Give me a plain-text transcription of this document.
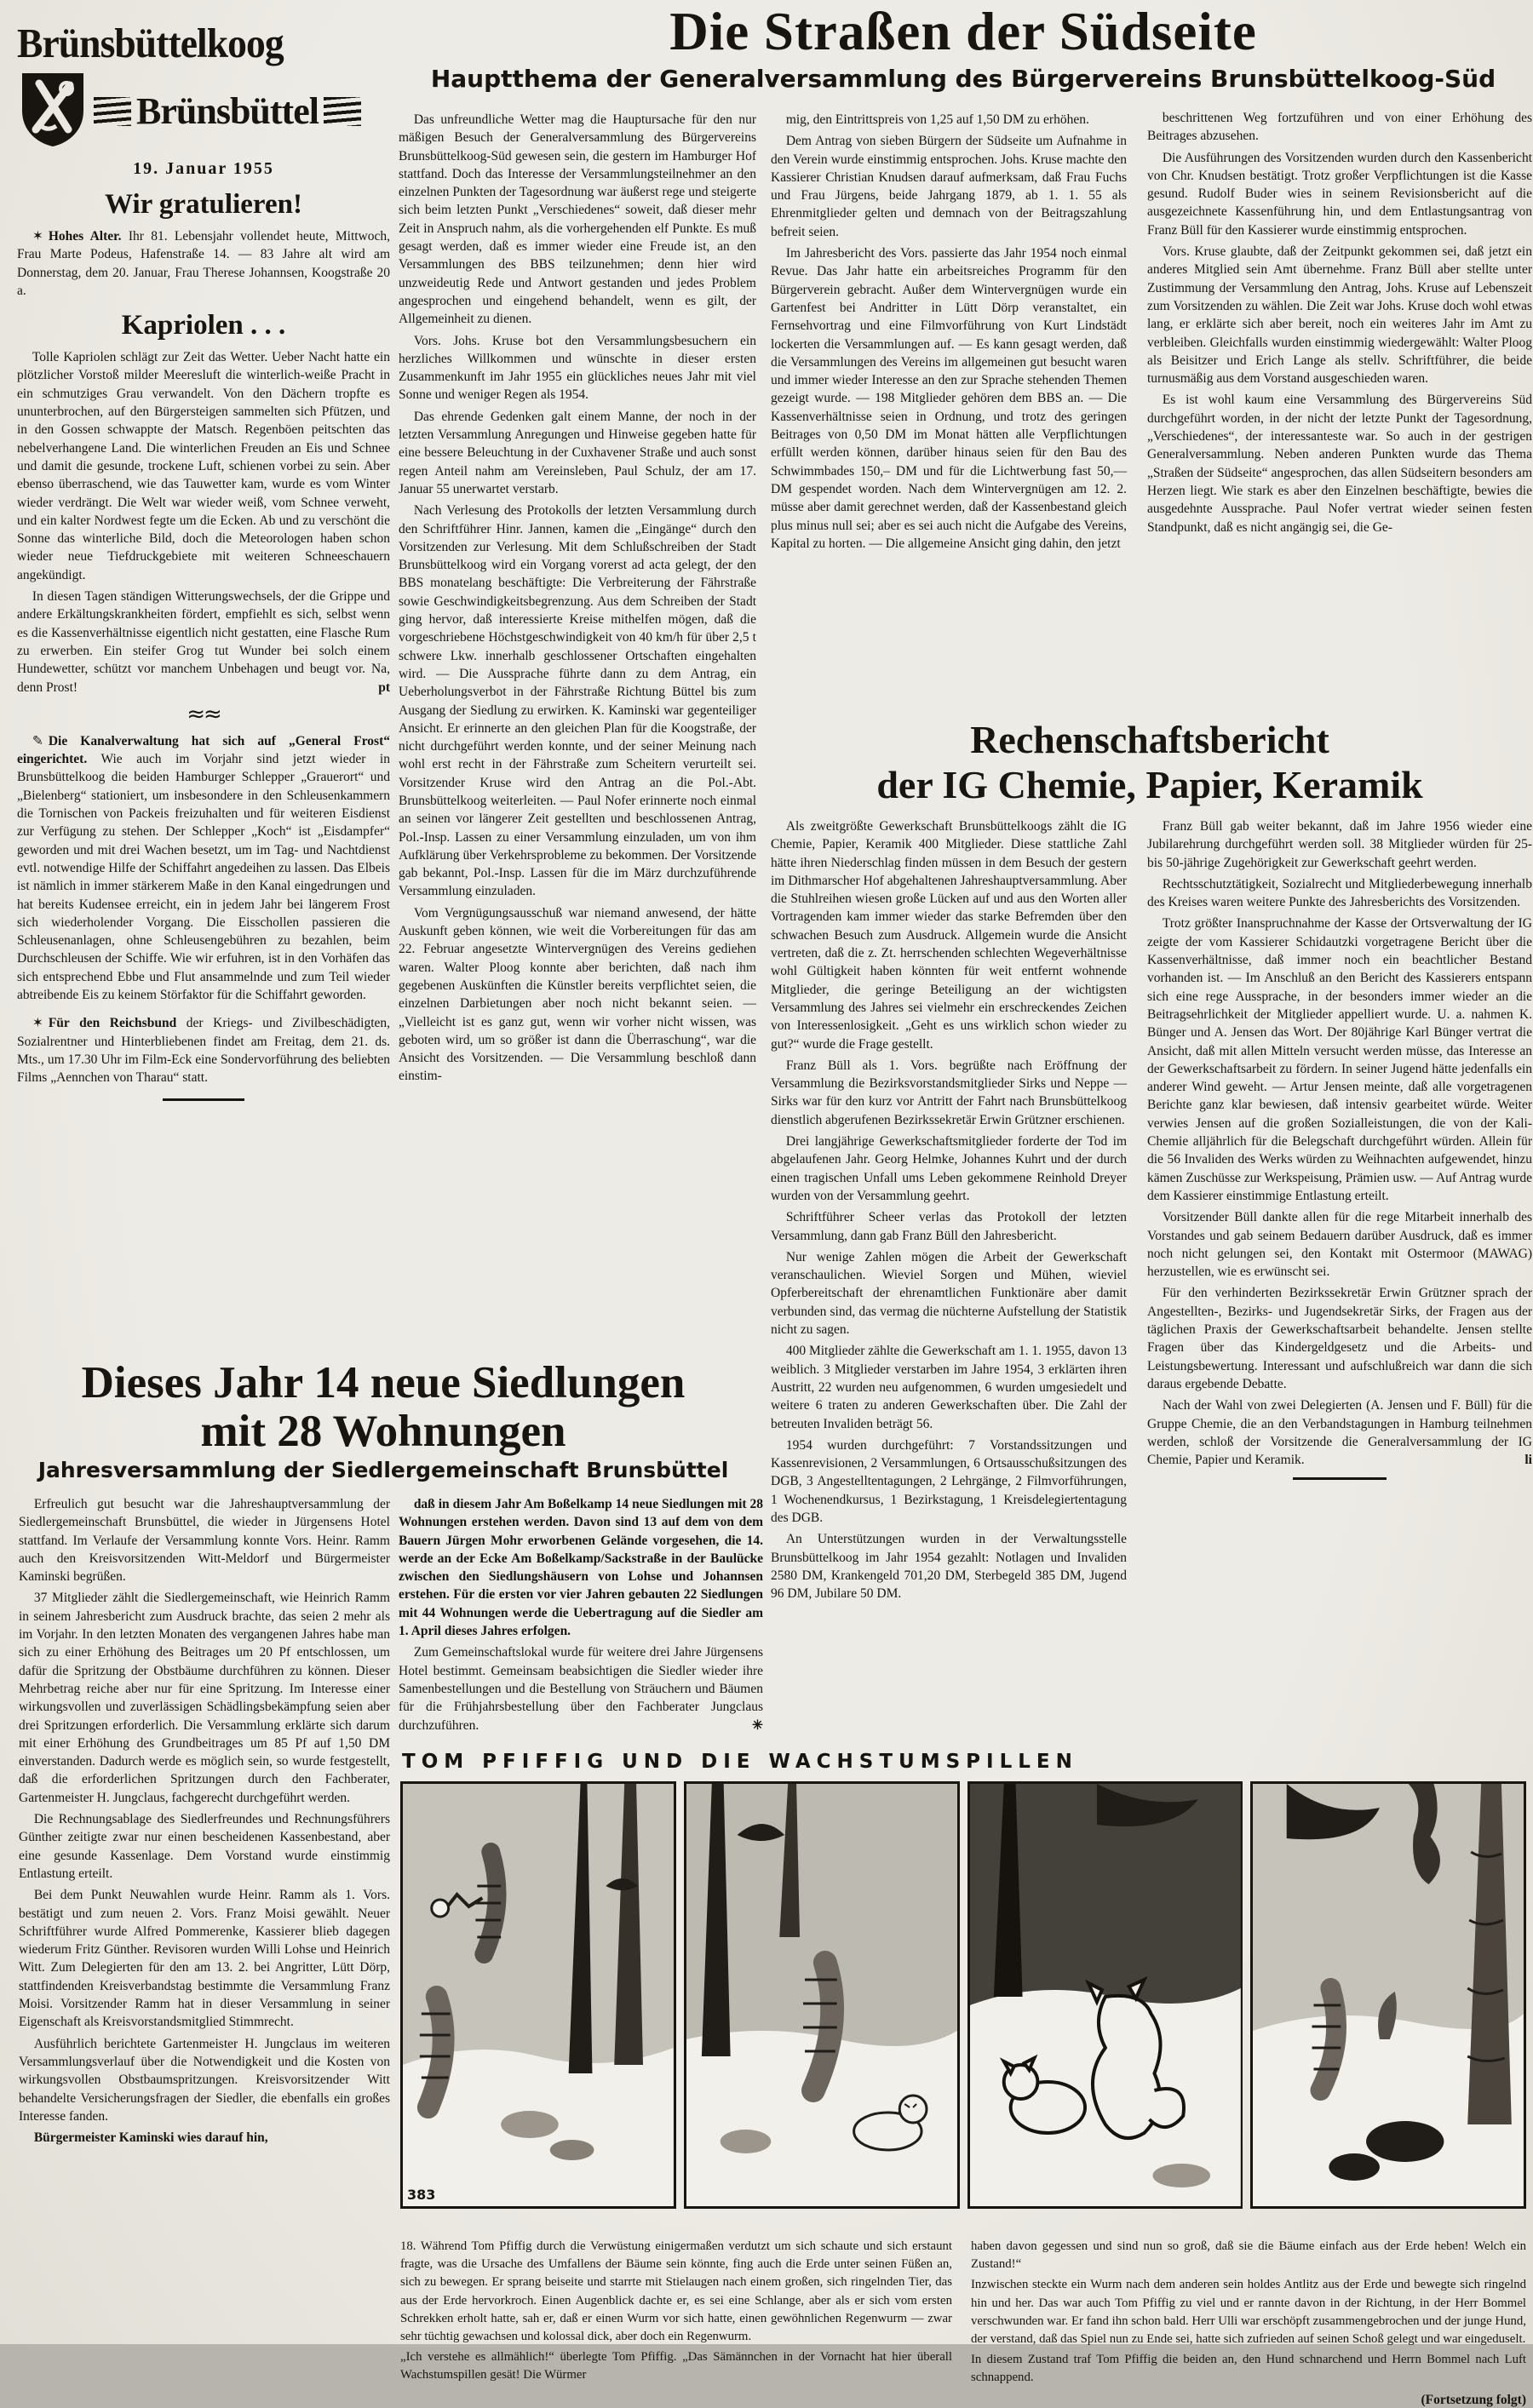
Brünsbüttelkoog
Brünsbüttel
19. Januar 1955
Wir gratulieren!

✶ Hohes Alter. Ihr 81. Lebensjahr vollendet heute, Mittwoch, Frau Marte Podeus, Hafenstraße 14. — 83 Jahre alt wird am Donnerstag, dem 20. Januar, Frau Therese Johannsen, Koogstraße 20 a.

Kapriolen . . .

Tolle Kapriolen schlägt zur Zeit das Wetter. Ueber Nacht hatte ein plötzlicher Vorstoß milder Meeresluft die winterlich-weiße Pracht in ein schmutziges Grau verwandelt. Von den Dächern tropfte es ununterbrochen, auf den Bürgersteigen sammelten sich Pfützen, und in den Gossen schwappte der Matsch. Regenböen peitschten das nebelverhangene Land. Die winterlichen Freuden an Eis und Schnee und damit die gesunde, trockene Luft, schienen vorbei zu sein. Aber ebenso überraschend, wie das Tauwetter kam, wurde es vom Winter wieder verdrängt. Die Welt war wieder weiß, vom Schnee verweht, und ein kalter Nordwest fegte um die Ecken. Ab und zu verschönt die Sonne das winterliche Bild, doch die Meteorologen haben schon wieder neue Tiefdruckgebiete mit weiteren Schneeschauern angekündigt.

In diesen Tagen ständigen Witterungswechsels, der die Grippe und andere Erkältungskrankheiten fördert, empfiehlt es sich, selbst wenn es die Kassenverhältnisse eigentlich nicht gestatten, eine Flasche Rum zu erwerben. Ein steifer Grog tut Wunder bei solch einem Hundewetter, schützt vor manchem Unbehagen und beugt vor. Na, denn Prost!	pt

≈≈

✎ Die Kanalverwaltung hat sich auf „General Frost“ eingerichtet. Wie auch im Vorjahr sind jetzt wieder in Brunsbüttelkoog die beiden Hamburger Schlepper „Grauerort“ und „Bielenberg“ stationiert, um insbesondere in den Schleusenkammern die Tornischen von Packeis freizuhalten und für weiteren Eisdienst zur Verfügung zu stehen. Der Schlepper „Koch“ ist „Eisdampfer“ geworden und mit drei Wachen besetzt, um im Tag- und Nachtdienst evtl. notwendige Hilfe der Schiffahrt angedeihen zu lassen. Das Elbeis ist nämlich in immer stärkerem Maße in den Kanal eingedrungen und hat bereits Kudensee erreicht, ein in jedem Jahr bei längerem Frost sich wiederholender Vorgang. Die Eisschollen passieren die Schleusenanlagen, ohne Schleusengebühren zu bezahlen, beim Durchschleusen der Schiffe. Wie wir erfuhren, ist in den Vorhäfen das sich entsprechend Ebbe und Flut ansammelnde und zum Teil wieder abtreibende Eis zu keinem Störfaktor für die Schiffahrt geworden.

✶ Für den Reichsbund der Kriegs- und Zivilbeschädigten, Sozialrentner und Hinterbliebenen findet am Freitag, dem 21. ds. Mts., um 17.30 Uhr im Film-Eck eine Sondervorführung des beliebten Films „Aennchen von Tharau“ statt.

Die Straßen der Südseite
Hauptthema der Generalversammlung des Bürgervereins Brunsbüttelkoog-Süd

Das unfreundliche Wetter mag die Hauptursache für den nur mäßigen Besuch der Generalversammlung des Bürgervereins Brunsbüttelkoog-Süd gewesen sein, die gestern im Hamburger Hof stattfand. Doch das Interesse der Versammlungsteilnehmer an den einzelnen Punkten der Tagesordnung war äußerst rege und steigerte sich beim letzten Punkt „Verschiedenes“ soweit, daß dieser mehr Zeit in Anspruch nahm, als die vorhergehenden elf Punkte. Es muß gesagt werden, daß es immer wieder eine Freude ist, an den Versammlungen des BBS teilzunehmen; denn hier wird unzweideutig Rede und Antwort gestanden und jedes Problem angesprochen und eingehend behandelt, wenn es gilt, der Allgemeinheit zu dienen.

Vors. Johs. Kruse bot den Versammlungsbesuchern ein herzliches Willkommen und wünschte in dieser ersten Zusammenkunft im Jahr 1955 ein glückliches neues Jahr mit viel Sonne und weniger Regen als 1954.

Das ehrende Gedenken galt einem Manne, der noch in der letzten Versammlung Anregungen und Hinweise gegeben hatte für eine bessere Beleuchtung in der Cuxhavener Straße und auch sonst regen Anteil nahm am Vereinsleben, Paul Schulz, der am 17. Januar 55 unerwartet verstarb.

Nach Verlesung des Protokolls der letzten Versammlung durch den Schriftführer Hinr. Jannen, kamen die „Eingänge“ durch den Vorsitzenden zur Verlesung. Mit dem Schlußschreiben der Stadt Brunsbüttelkoog wird ein Vorgang vorerst ad acta gelegt, der den BBS monatelang beschäftigte: Die Verbreiterung der Fährstraße sowie Geschwindigkeitsbegrenzung. Aus dem Schreiben der Stadt ging hervor, daß interessierte Kreise mithelfen mögen, daß die vorgeschriebene Höchstgeschwindigkeit von 40 km/h für über 2,5 t schwere Lkw. innerhalb geschlossener Ortschaften eingehalten wird. — Die Aussprache führte dann zu dem Antrag, ein Ueberholungsverbot in der Fährstraße Richtung Büttel bis zum Ausgang der Siedlung zu erwirken. K. Kaminski war gegenteiliger Ansicht. Er erinnerte an den gleichen Plan für die Koogstraße, der nicht durchgeführt werden konnte, und der seiner Meinung nach wohl erst recht in der Fährstraße zum Scheitern verurteilt sei. Vorsitzender Kruse wird den Antrag an die Pol.-Abt. Brunsbüttelkoog weiterleiten. — Paul Nofer erinnerte noch einmal an seinen vor längerer Zeit gestellten und beschlossenen Antrag, Pol.-Insp. Lassen zu einer Versammlung einzuladen, um von ihm Aufklärung über Verkehrsprobleme zu bekommen. Der Vorsitzende gab bekannt, Pol.-Insp. Lassen für die im März durchzuführende Versammlung einzuladen.

Vom Vergnügungsausschuß war niemand anwesend, der hätte Auskunft geben können, wie weit die Vorbereitungen für das am 22. Februar angesetzte Wintervergnügen des Vereins gediehen waren. Walter Ploog konnte aber berichten, daß nach ihm gegebenen Auskünften die Künstler bereits verpflichtet seien, die einzelnen Darbietungen aber noch nicht bekannt seien. — „Vielleicht ist es ganz gut, wenn wir vorher nicht wissen, was geboten wird, um so größer ist dann die Überraschung“, war die Ansicht des Vorsitzenden. — Die Versammlung beschloß dann einstim-

mig, den Eintrittspreis von 1,25 auf 1,50 DM zu erhöhen.

Dem Antrag von sieben Bürgern der Südseite um Aufnahme in den Verein wurde einstimmig entsprochen. Johs. Kruse machte den Kassierer Christian Knudsen darauf aufmerksam, daß Frau Fuchs und Frau Jürgens, beide Jahrgang 1879, ab 1. 1. 55 als Ehrenmitglieder gelten und demnach von der Beitragszahlung befreit seien.

Im Jahresbericht des Vors. passierte das Jahr 1954 noch einmal Revue. Das Jahr hatte ein arbeitsreiches Programm für den Bürgerverein gebracht. Außer dem Wintervergnügen wurde ein Gartenfest bei Andritter in Lütt Dörp veranstaltet, ein Fernsehvortrag und eine Filmvorführung von Kurt Lindstädt lockerten die Versammlungen auf. — Es kann gesagt werden, daß die Versammlungen des Vereins im allgemeinen gut besucht waren und immer wieder Interesse an den zur Sprache stehenden Themen gezeigt wurde. — 198 Mitglieder gehören dem BBS an. — Die Kassenverhältnisse seien in Ordnung, und trotz des geringen Beitrages von 0,50 DM im Monat hätten alle Verpflichtungen erfüllt werden können, darüber hinaus seien für den Bau des Schwimmbades 150,– DM und für die Lichtwerbung fast 50,— DM gespendet worden. Nach dem Wintervergnügen am 12. 2. müsse aber damit gerechnet werden, daß der Kassenbestand gleich plus minus null sei; aber es sei auch nicht die Aufgabe des Vereins, Kapital zu horten. — Die allgemeine Ansicht ging dahin, den jetzt

beschrittenen Weg fortzuführen und von einer Erhöhung des Beitrages abzusehen.

Die Ausführungen des Vorsitzenden wurden durch den Kassenbericht von Chr. Knudsen bestätigt. Trotz großer Verpflichtungen ist die Kasse gesund. Rudolf Buder wies in seinem Revisionsbericht auf die ausgezeichnete Kassenführung hin, und dem Entlastungsantrag von Franz Büll für den Kassierer wurde einstimmig entsprochen.

Vors. Kruse glaubte, daß der Zeitpunkt gekommen sei, daß jetzt ein anderes Mitglied sein Amt übernehme. Franz Büll aber stellte unter Zustimmung der Versammlung den Antrag, Johs. Kruse auf Lebenszeit zum Vorsitzenden zu wählen. Die Zeit war Johs. Kruse doch wohl etwas lang, er erklärte sich aber bereit, noch ein weiteres Jahr im Amt zu verbleiben. Gleichfalls wurden einstimmig wiedergewählt: Walter Ploog als Beisitzer und Erich Lange als stellv. Schriftführer, die beide turnusmäßig aus dem Vorstand ausgeschieden waren.

Es ist wohl kaum eine Versammlung des Bürgervereins Süd durchgeführt worden, in der nicht der letzte Punkt der Tagesordnung, „Verschiedenes“, der interessanteste war. So auch in der gestrigen Generalversammlung. Neben anderen Punkten wurde das Thema „Straßen der Südseite“ angesprochen, das allen Südseitern besonders am Herzen liegt. Wie stark es aber den Einzelnen beschäftigte, bewies die ausgedehnte Aussprache. Paul Nofer vertrat wieder seinen festen Standpunkt, daß es nicht angängig sei, die Ge-

Rechenschaftsbericht
der IG Chemie, Papier, Keramik

Als zweitgrößte Gewerkschaft Brunsbüttelkoogs zählt die IG Chemie, Papier, Keramik 400 Mitglieder. Diese stattliche Zahl hätte ihren Niederschlag finden müssen in dem Besuch der gestern im Dithmarscher Hof abgehaltenen Jahreshauptversammlung. Aber die Stuhlreihen wiesen große Lücken auf und aus den Worten aller Vortragenden kam immer wieder das starke Befremden über den schwachen Besuch zum Ausdruck. Allgemein wurde die Ansicht vertreten, daß die z. Zt. herrschenden schlechten Wegeverhältnisse wohl Gültigkeit haben könnten für weit entfernt wohnende Mitglieder, die geringe Beteiligung an der wichtigsten Versammlung des Jahres sei vielmehr ein erschreckendes Zeichen von Interessenlosigkeit. „Geht es uns wirklich schon wieder zu gut?“ wurde die Frage gestellt.

Franz Büll als 1. Vors. begrüßte nach Eröffnung der Versammlung die Bezirksvorstandsmitglieder Sirks und Neppe — Sirks war für den kurz vor Antritt der Fahrt nach Brunsbüttelkoog dienstlich abgerufenen Bezirkssekretär Erwin Grützner erschienen.

Drei langjährige Gewerkschaftsmitglieder forderte der Tod im abgelaufenen Jahr. Georg Helmke, Johannes Kuhrt und der durch einen tragischen Unfall ums Leben gekommene Reinhold Dreyer wurden von der Versammlung geehrt.

Schriftführer Scheer verlas das Protokoll der letzten Versammlung, dann gab Franz Büll den Jahresbericht.

Nur wenige Zahlen mögen die Arbeit der Gewerkschaft veranschaulichen. Wieviel Sorgen und Mühen, wieviel Opferbereitschaft der ehrenamtlichen Funktionäre aber damit verbunden sind, das vermag die nüchterne Aufstellung der Statistik nicht zu sagen.

400 Mitglieder zählte die Gewerkschaft am 1. 1. 1955, davon 13 weiblich. 3 Mitglieder verstarben im Jahre 1954, 3 erklärten ihren Austritt, 22 wurden neu aufgenommen, 6 wurden umgesiedelt und weitere 6 traten zu anderen Gewerkschaften über. Die Zahl der betreuten Invaliden beträgt 56.

1954 wurden durchgeführt: 7 Vorstandssitzungen und Kassenrevisionen, 2 Versammlungen, 6 Ortsausschußsitzungen des DGB, 3 Angestelltentagungen, 2 Lehrgänge, 2 Filmvorführungen, 1 Wochenendkursus, 1 Bezirkstagung, 1 Kreisdelegiertentagung des DGB.

An Unterstützungen wurden in der Verwaltungsstelle Brunsbüttelkoog im Jahr 1954 gezahlt: Notlagen und Invaliden 2580 DM, Krankengeld 701,20 DM, Sterbegeld 385 DM, Jugend 96 DM, Jubilare 50 DM.

Franz Büll gab weiter bekannt, daß im Jahre 1956 wieder eine Jubilarehrung durchgeführt werden soll. 38 Mitglieder würden für 25- bis 50-jährige Zugehörigkeit zur Gewerkschaft geehrt werden.

Rechtsschutztätigkeit, Sozialrecht und Mitgliederbewegung innerhalb des Kreises waren weitere Punkte des Jahresberichts des Vorsitzenden.

Trotz größter Inanspruchnahme der Kasse der Ortsverwaltung der IG zeigte der vom Kassierer Schidautzki vorgetragene Bericht über die Kassenverhältnisse, daß immer noch ein beachtlicher Bestand vorhanden ist. — Im Anschluß an den Bericht des Kassierers entspann sich eine rege Aussprache, in der besonders immer wieder an die Beitragsehrlichkeit der Mitglieder appelliert wurde. U. a. nahmen K. Bünger und A. Jensen das Wort. Der 80jährige Karl Bünger vertrat die Ansicht, daß mit allen Mitteln versucht werden müsse, das Interesse an der Gewerkschaftsarbeit zu fördern. In seiner Jugend hätte jedenfalls ein anderer Wind geweht. — Artur Jensen meinte, daß alle vorgetragenen Berichte ganz klar bewiesen, daß intensiv gearbeitet würde. Weiter verwies Jensen auf die großen Sozialleistungen, die von der Kali-Chemie alljährlich für die Belegschaft durchgeführt würden. Allein für die 56 Invaliden des Werks würden zu Weihnachten aufgewendet, hinzu kämen Zuschüsse zur Werkspeisung, Prämien usw. — Auf Antrag wurde dem Kassierer einstimmige Entlastung erteilt.

Vorsitzender Büll dankte allen für die rege Mitarbeit innerhalb des Vorstandes und gab seinem Bedauern darüber Ausdruck, daß es immer noch nicht gelungen sei, den Kontakt mit Ostermoor (MAWAG) herzustellen, wie es erwünscht sei.

Für den verhinderten Bezirkssekretär Erwin Grützner sprach der Angestellten-, Bezirks- und Jugendsekretär Sirks, der Fragen aus der täglichen Praxis der Gewerkschaftsarbeit behandelte. Jensen stellte Fragen über das Kindergeldgesetz und die Arbeits- und Leistungsbewertung. Interessant und aufschlußreich war dann die sich daraus ergebende Debatte.

Nach der Wahl von zwei Delegierten (A. Jensen und F. Büll) für die Gruppe Chemie, die an den Verbandstagungen in Hamburg teilnehmen werden, schloß der Vorsitzende die Generalversammlung der IG Chemie, Papier und Keramik.	li

Dieses Jahr 14 neue Siedlungen
mit 28 Wohnungen
Jahresversammlung der Siedlergemeinschaft Brunsbüttel

Erfreulich gut besucht war die Jahreshauptversammlung der Siedlergemeinschaft Brunsbüttel, die wieder in Jürgensens Hotel stattfand. Im Verlaufe der Versammlung konnte Vors. Heinr. Ramm auch den Kreisvorsitzenden Witt-Meldorf und Bürgermeister Kaminski begrüßen.

37 Mitglieder zählt die Siedlergemeinschaft, wie Heinrich Ramm in seinem Jahresbericht zum Ausdruck brachte, das seien 2 mehr als im Vorjahr. In den letzten Monaten des vergangenen Jahres habe man sich zu einer Erhöhung des Beitrages um 20 Pf entschlossen, um dafür die Spritzung der Obstbäume durchführen zu können. Dieser Mehrbetrag reiche aber nur für eine Spritzung. Im Interesse einer wirkungsvollen und zuverlässigen Schädlingsbekämpfung seien aber drei Spritzungen erforderlich. Die Versammlung erklärte sich darum mit einer Erhöhung des Grundbeitrages um 85 Pf auf 1,50 DM einverstanden. Dadurch werde es möglich sein, so wurde festgestellt, daß die erforderlichen Spritzungen durch den Fachberater, Gartenmeister H. Jungclaus, fachgerecht durchgeführt werden.

Die Rechnungsablage des Siedlerfreundes und Rechnungsführers Günther zeitigte zwar nur einen bescheidenen Kassenbestand, aber eine gesunde Kassenlage. Dem Vorstand wurde einstimmig Entlastung erteilt.

Bei dem Punkt Neuwahlen wurde Heinr. Ramm als 1. Vors. bestätigt und zum neuen 2. Vors. Franz Moisi gewählt. Neuer Schriftführer wurde Alfred Pommerenke, Kassierer blieb dagegen wiederum Fritz Günther. Revisoren wurden Willi Lohse und Heinrich Witt. Zum Delegierten für den am 13. 2. bei Angritter, Lütt Dörp, stattfindenden Kreisverbandstag bestimmte die Versammlung Franz Moisi. Vorsitzender Ramm hat in dieser Versammlung in seiner Eigenschaft als Kreisvorstandsmitglied Stimmrecht.

Ausführlich berichtete Gartenmeister H. Jungclaus im weiteren Versammlungsverlauf über die Notwendigkeit und die Kosten von wirkungsvollen Obstbaumspritzungen. Kreisvorsitzender Witt behandelte Versicherungsfragen der Siedler, die ebenfalls ein großes Interesse fanden.

Bürgermeister Kaminski wies darauf hin,

daß in diesem Jahr Am Boßelkamp 14 neue Siedlungen mit 28 Wohnungen erstehen werden. Davon sind 13 auf dem von dem Bauern Jürgen Mohr erworbenen Gelände vorgesehen, die 14. werde an der Ecke Am Boßelkamp/Sackstraße in der Baulücke zwischen den Siedlungshäusern von Lohse und Johannsen erstehen. Für die ersten vor vier Jahren gebauten 22 Siedlungen mit 44 Wohnungen werde die Uebertragung auf die Siedler am 1. April dieses Jahres erfolgen.

Zum Gemeinschaftslokal wurde für weitere drei Jahre Jürgensens Hotel bestimmt. Gemeinsam beabsichtigen die Siedler wieder ihre Samenbestellungen und die Bestellung von Sträuchern und Bäumen für die Frühjahrsbestellung über den Fachberater Jungclaus durchzuführen.	✳

TOM PFIFFIG UND DIE WACHSTUMSPILLEN
383

18. Während Tom Pfiffig durch die Verwüstung einigermaßen verdutzt um sich schaute und sich erstaunt fragte, was die Ursache des Umfallens der Bäume sein könnte, fing auch die Erde unter seinen Füßen an, sich zu bewegen. Er sprang beiseite und starrte mit Stielaugen nach einem großen, sich ringelnden Tier, das aus der Erde hervorkroch. Einen Augenblick dachte er, es sei eine Schlange, aber als er sich vom ersten Schrekken erholt hatte, sah er, daß er einen Wurm vor sich hatte, einen gewöhnlichen Regenwurm — zwar sehr tüchtig gewachsen und kolossal dick, aber doch ein Regenwurm.

„Ich verstehe es allmählich!“ überlegte Tom Pfiffig. „Das Sämännchen in der Vornacht hat hier überall Wachstumspillen gesät! Die Würmer

haben davon gegessen und sind nun so groß, daß sie die Bäume einfach aus der Erde heben! Welch ein Zustand!“

Inzwischen steckte ein Wurm nach dem anderen sein holdes Antlitz aus der Erde und bewegte sich ringelnd hin und her. Das war auch Tom Pfiffig zu viel und er rannte davon in der Richtung, in der Herr Bommel verschwunden war. Er fand ihn schon bald. Herr Ulli war erschöpft zusammengebrochen und der junge Hund, der verstand, daß das Spiel nun zu Ende sei, hatte sich zufrieden auf seinen Schoß gelegt und war eingeduselt.

In diesem Zustand traf Tom Pfiffig die beiden an, den Hund schnarchend und Herrn Bommel nach Luft schnappend.

(Fortsetzung folgt)
